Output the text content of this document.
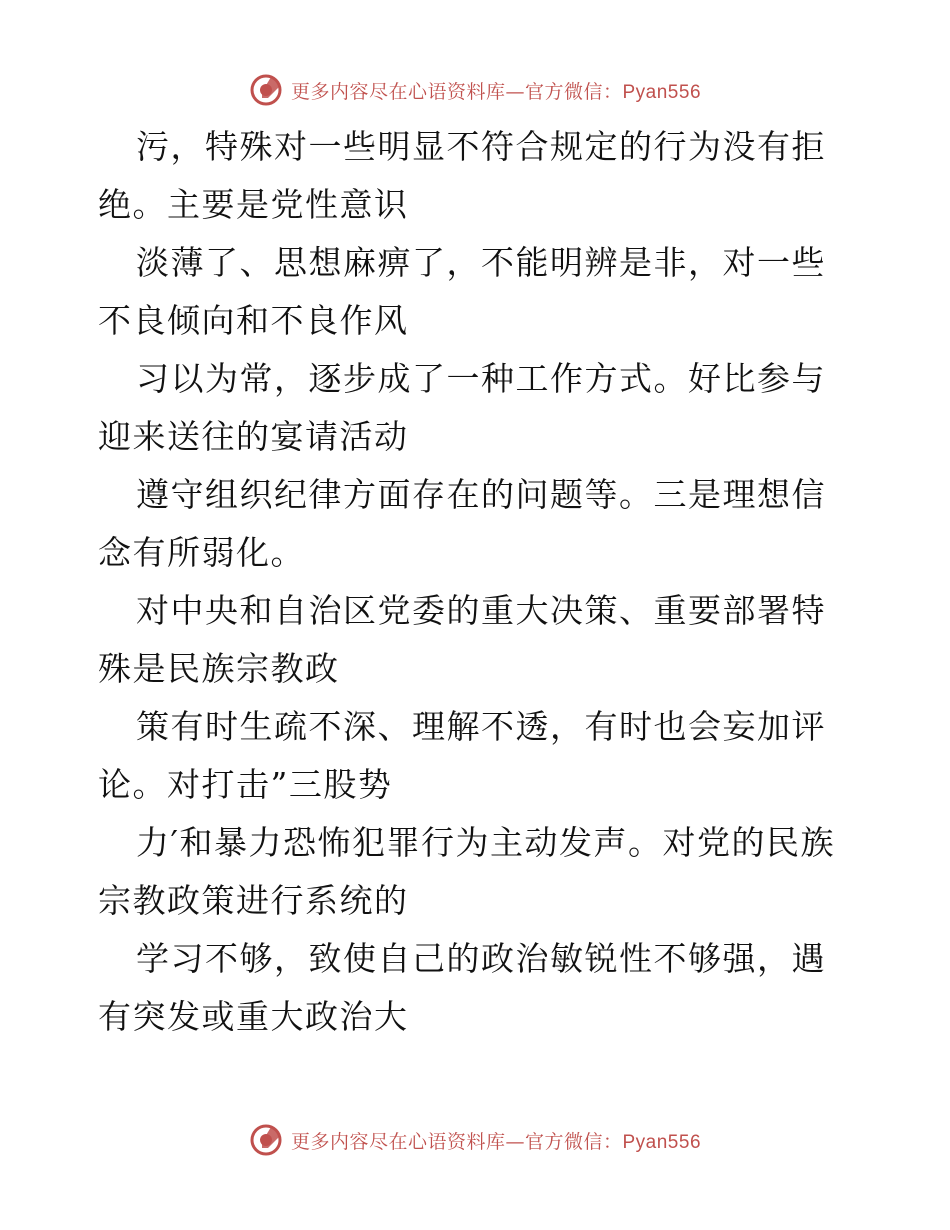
更多内容尽在心语资料库—官方微信：Pyan556

污，特殊对一些明显不符合规定的行为没有拒绝。主要是党性意识

淡薄了、思想麻痹了，不能明辨是非，对一些不良倾向和不良作风

习以为常，逐步成了一种工作方式。好比参与迎来送往的宴请活动

遵守组织纪律方面存在的问题等。三是理想信念有所弱化。

对中央和自治区党委的重大决策、重要部署特殊是民族宗教政

策有时生疏不深、理解不透，有时也会妄加评论。对打击”三股势

力′和暴力恐怖犯罪行为主动发声。对党的民族宗教政策进行系统的

学习不够，致使自己的政治敏锐性不够强，遇有突发或重大政治大

更多内容尽在心语资料库—官方微信：Pyan556
